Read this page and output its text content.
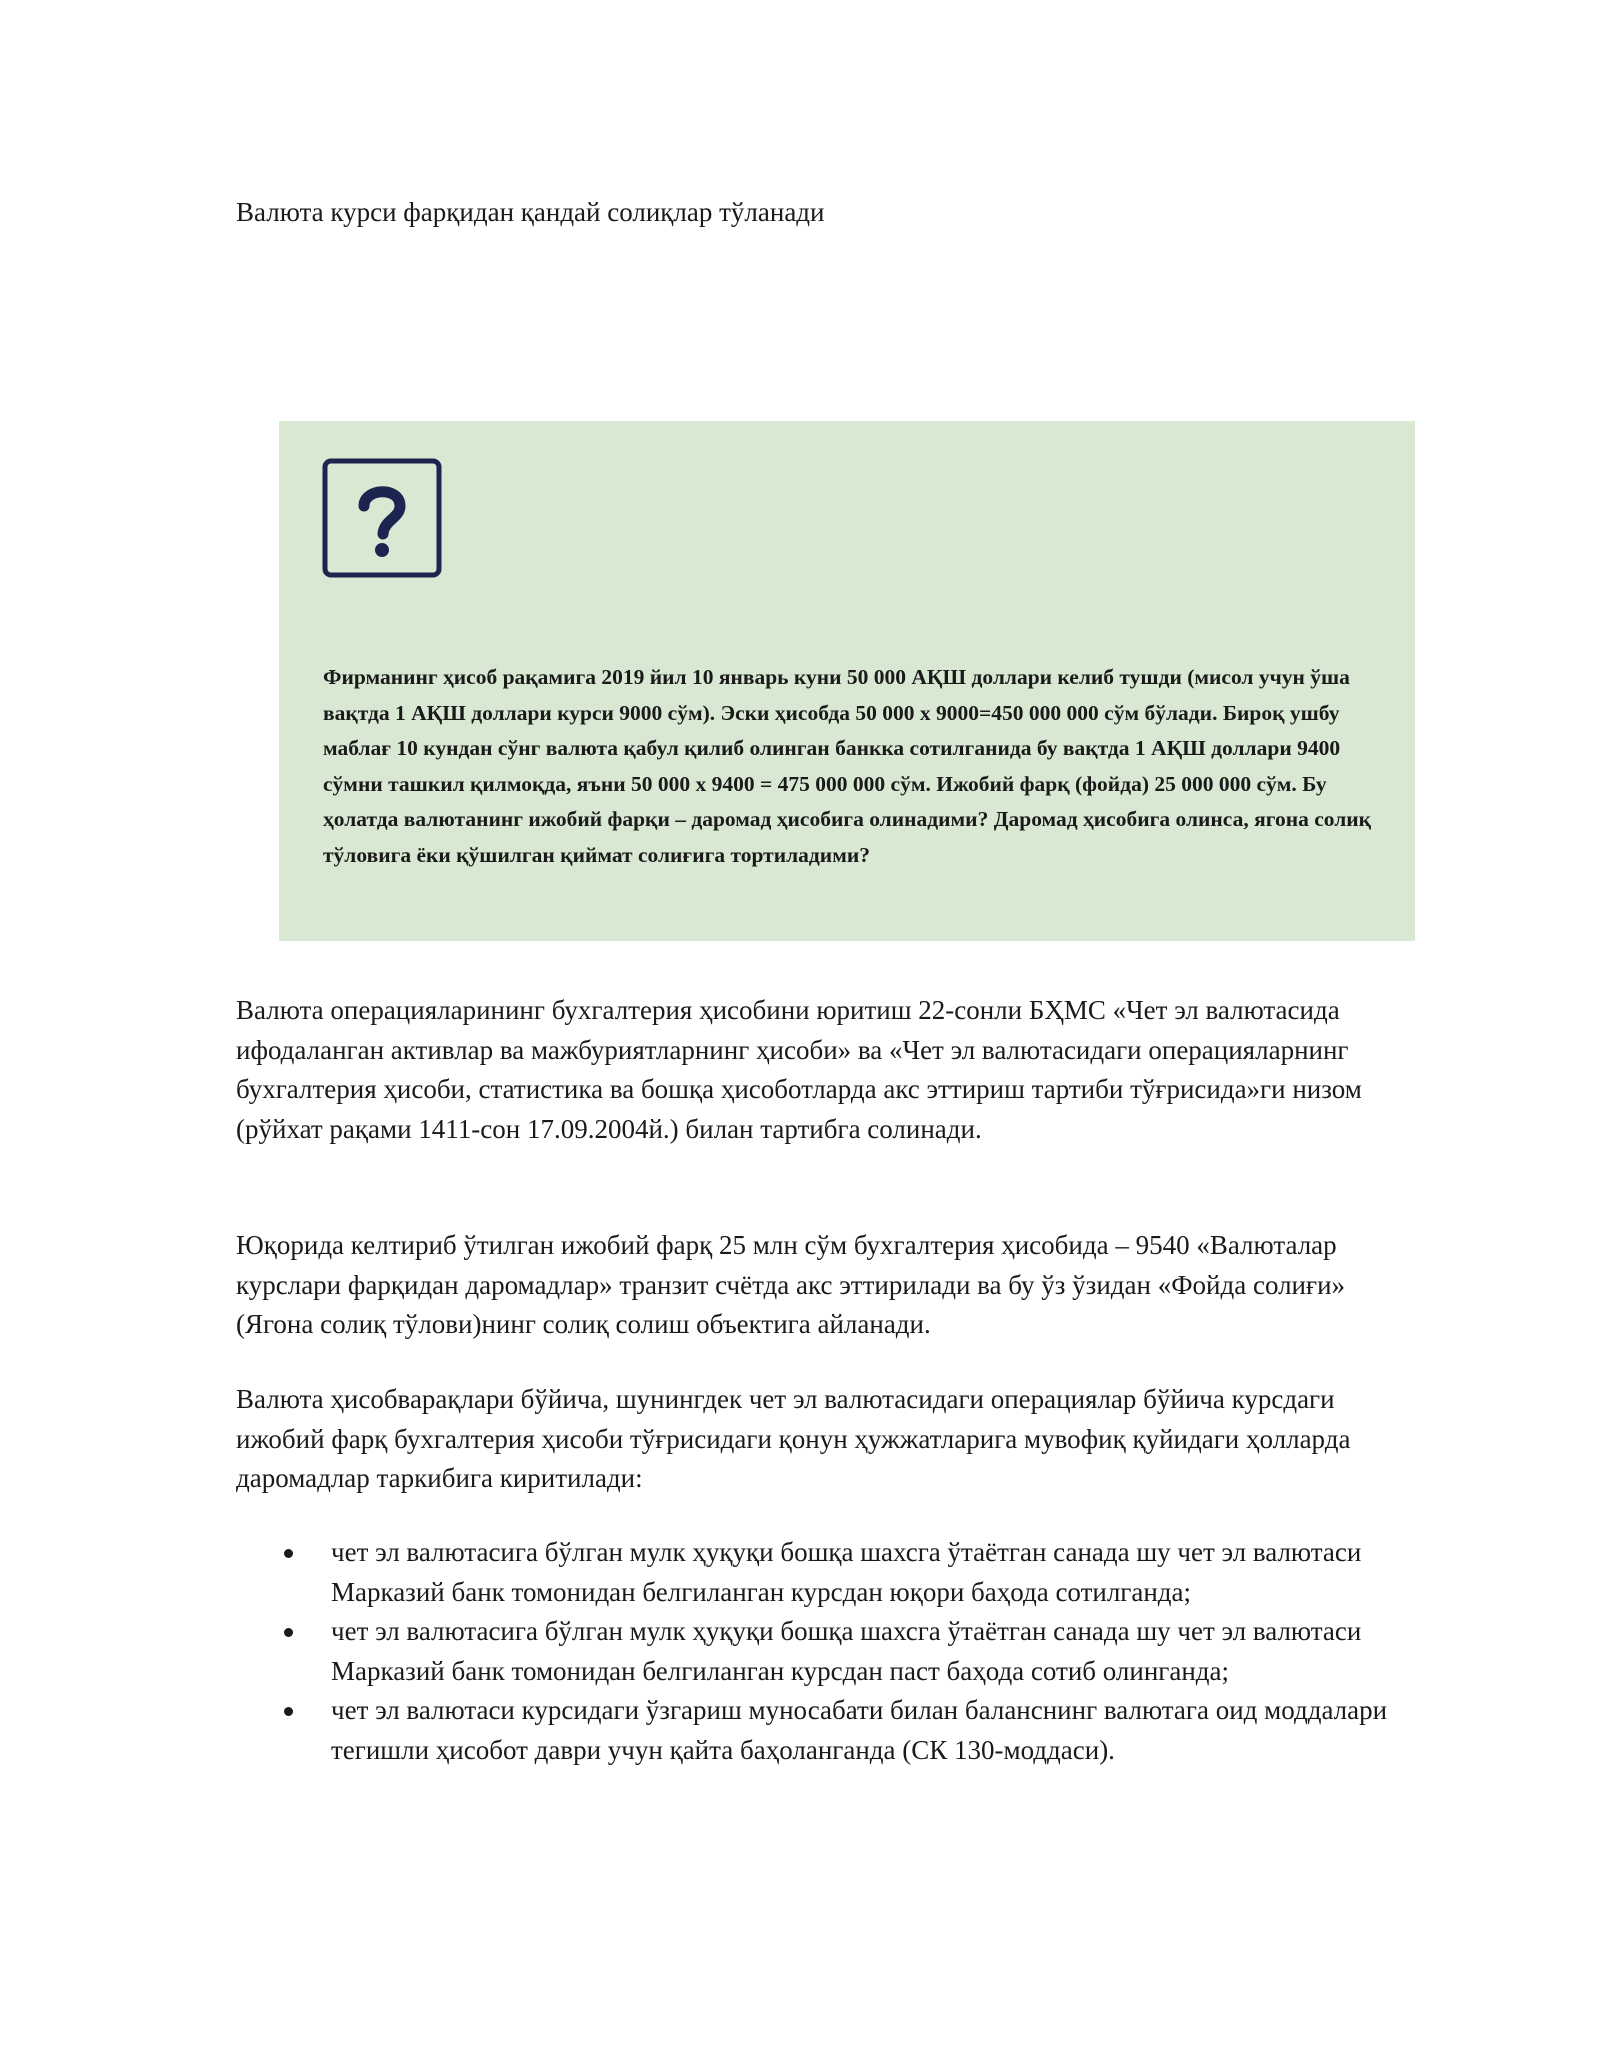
Валюта курси фарқидан қандай солиқлар тўланади

Фирманинг ҳисоб рақамига 2019 йил 10 январь куни 50 000 АҚШ доллари келиб тушди (мисол учун ўша вақтда 1 АҚШ доллари курси 9000 сўм). Эски ҳисобда 50 000 x 9000=450 000 000 сўм бўлади. Бироқ ушбу маблағ 10 кундан сўнг валюта қабул қилиб олинган банкка сотилганида бу вақтда 1 АҚШ доллари 9400 сўмни ташкил қилмоқда, яъни 50 000 x 9400 = 475 000 000 сўм. Ижобий фарқ (фойда) 25 000 000 сўм. Бу ҳолатда валютанинг ижобий фарқи – даромад ҳисобига олинадими? Даромад ҳисобига олинса, ягона солиқ тўловига ёки қўшилган қиймат солиғига тортиладими?

Валюта операцияларининг бухгалтерия ҳисобини юритиш 22-сонли БҲМС «Чет эл валютасида ифодаланган активлар ва мажбуриятларнинг ҳисоби» ва «Чет эл валютасидаги операцияларнинг бухгалтерия ҳисоби, статистика ва бошқа ҳисоботларда акс эттириш тартиби тўғрисида»ги низом (рўйхат рақами 1411-сон 17.09.2004й.) билан тартибга солинади.

Юқорида келтириб ўтилган ижобий фарқ 25 млн сўм бухгалтерия ҳисобида – 9540 «Валюталар курслари фарқидан даромадлар» транзит счётда акс эттирилади ва бу ўз ўзидан «Фойда солиғи» (Ягона солиқ тўлови)нинг солиқ солиш объектига айланади.

Валюта ҳисобварақлари бўйича, шунингдек чет эл валютасидаги операциялар бўйича курсдаги ижобий фарқ бухгалтерия ҳисоби тўғрисидаги қонун ҳужжатларига мувофиқ қуйидаги ҳолларда даромадлар таркибига киритилади:

чет эл валютасига бўлган мулк ҳуқуқи бошқа шахсга ўтаётган санада шу чет эл валютаси Марказий банк томонидан белгиланган курсдан юқори баҳода сотилганда;
чет эл валютасига бўлган мулк ҳуқуқи бошқа шахсга ўтаётган санада шу чет эл валютаси Марказий банк томонидан белгиланган курсдан паст баҳода сотиб олинганда;
чет эл валютаси курсидаги ўзгариш муносабати билан баланснинг валютага оид моддалари тегишли ҳисобот даври учун қайта баҳоланганда (СК 130-моддаси).
